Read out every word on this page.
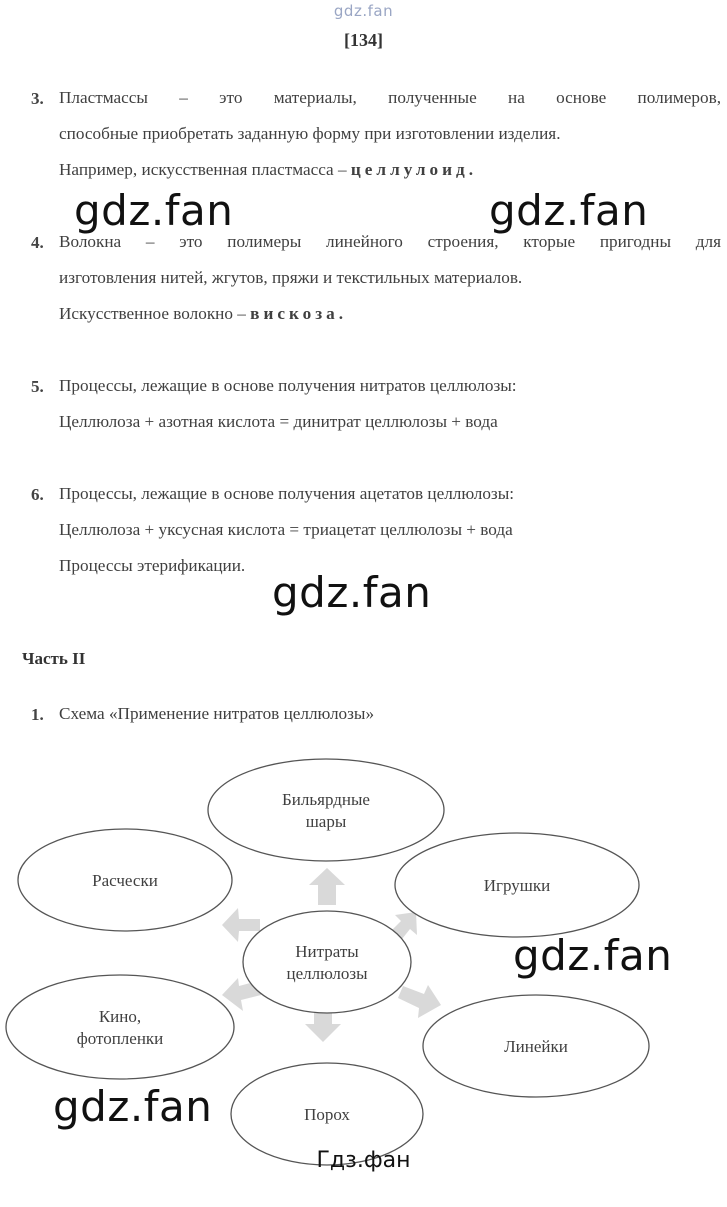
gdz.fan
[134]
3. Пластмассы – это материалы, полученные на основе полимеров,
способные приобретать заданную форму при изготовлении изделия.
Например, искусственная пластмасса – целлулоид.
4. Волокна – это полимеры линейного строения, кторые пригодны для
изготовления нитей, жгутов, пряжи и текстильных материалов.
Искусственное волокно – вискоза.
5. Процессы, лежащие в основе получения нитратов целлюлозы:
Целлюлоза + азотная кислота = динитрат целлюлозы + вода
6. Процессы, лежащие в основе получения ацетатов целлюлозы:
Целлюлоза + уксусная кислота = триацетат целлюлозы + вода
Процессы этерификации.
Часть II
1. Схема «Применение нитратов целлюлозы»
Бильярдные
шары
Расчески	Игрушки
Нитраты
целлюлозы
Кино,
фотопленки	Линейки
Порох
gdz.fan	gdz.fan
gdz.fan
gdz.fan
gdz.fan
Гдз.фан
